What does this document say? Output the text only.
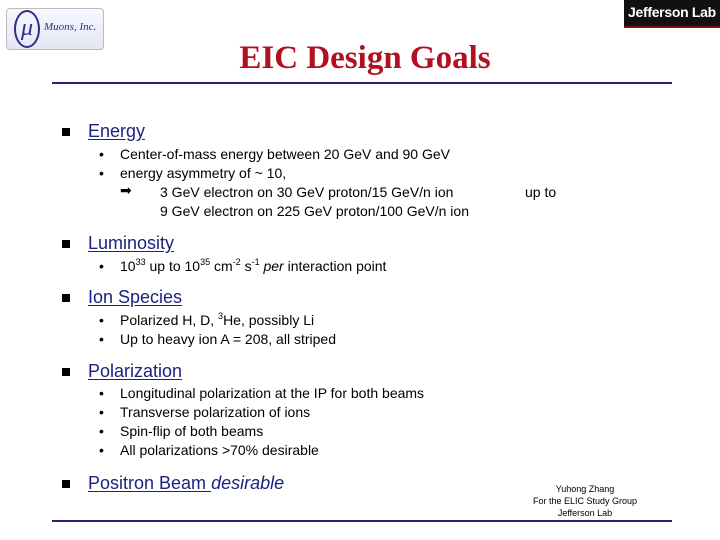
μ Muons, Inc.
Jefferson Lab
EIC Design Goals
Energy
• Center-of-mass energy between 20 GeV and 90 GeV
• energy asymmetry of ~ 10,
➡ 3 GeV electron on 30 GeV proton/15 GeV/n ion	up to
9 GeV electron on 225 GeV proton/100 GeV/n ion
Luminosity
• $10^{33}$ up to $10^{35}$ $cm^{-2}$ $s^{-1}$ per interaction point
Ion Species
• Polarized H, D, $^3$He, possibly Li
• Up to heavy ion A = 208, all striped
Polarization
• Longitudinal polarization at the IP for both beams
• Transverse polarization of ions
• Spin-flip of both beams
• All polarizations >70% desirable
Positron Beam desirable	Yuhong Zhang
For the ELIC Study Group
Jefferson Lab
